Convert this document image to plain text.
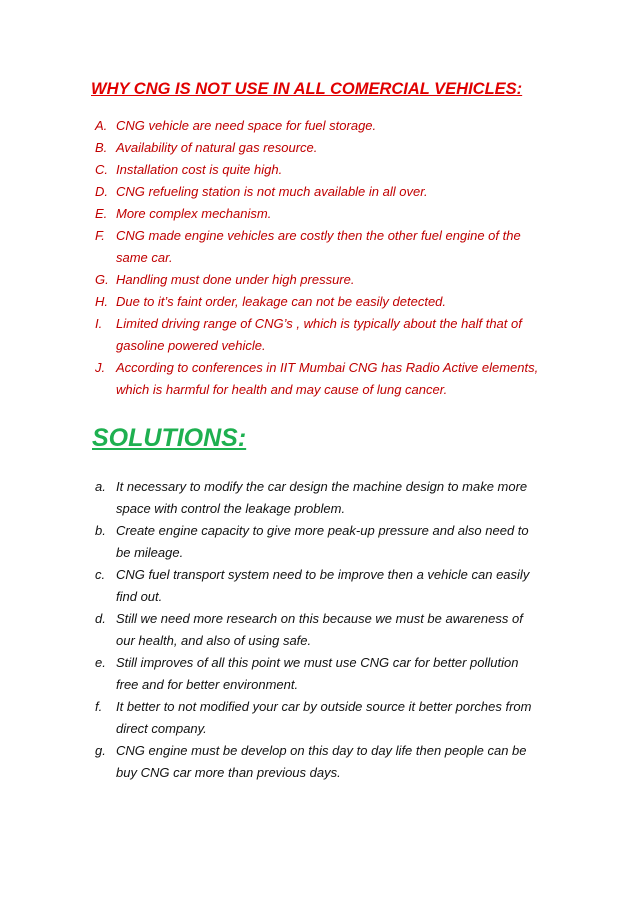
WHY CNG IS NOT USE IN ALL COMERCIAL VEHICLES:
A. CNG vehicle are need space for fuel storage.
B. Availability of natural gas resource.
C. Installation cost is quite high.
D. CNG refueling station is not much available in all over.
E. More complex mechanism.
F. CNG made engine vehicles are costly then the other fuel engine of the
same car.
G. Handling must done under high pressure.
H. Due to it’s faint order, leakage can not be easily detected.
I. Limited driving range of CNG’s , which is typically about the half that of
gasoline powered vehicle.
J. According to conferences in IIT Mumbai CNG has Radio Active elements,
which is harmful for health and may cause of lung cancer.
SOLUTIONS:
a. It necessary to modify the car design the machine design to make more
space with control the leakage problem.
b. Create engine capacity to give more peak-up pressure and also need to
be mileage.
c. CNG fuel transport system need to be improve then a vehicle can easily
find out.
d. Still we need more research on this because we must be awareness of
our health, and also of using safe.
e. Still improves of all this point we must use CNG car for better pollution
free and for better environment.
f. It better to not modified your car by outside source it better porches from
direct company.
g. CNG engine must be develop on this day to day life then people can be
buy CNG car more than previous days.
